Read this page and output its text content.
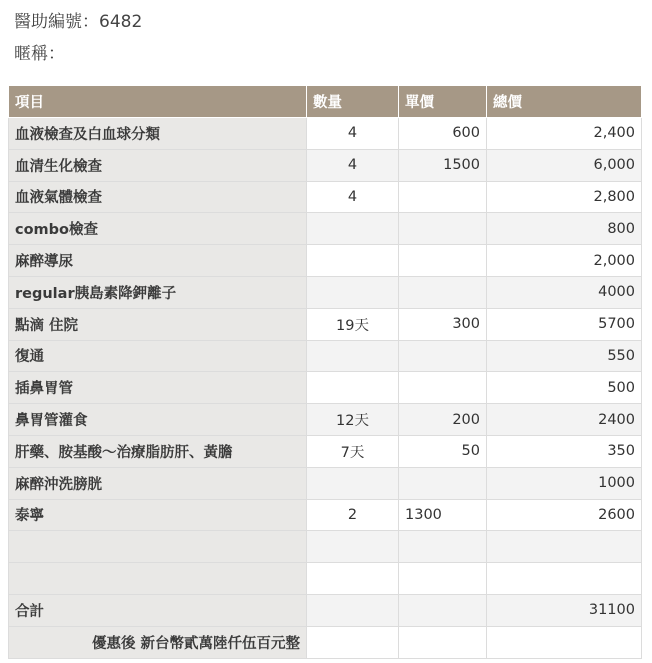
醫助編號：6482
暱稱：
項目	數量	單價	總價
血液檢查及白血球分類	4	600	2,400
血清生化檢查	4	1500	6,000
血液氣體檢查	4		2,800
combo檢查			800
麻醉導尿			2,000
regular胰島素降鉀離子			4000
點滴 住院	19天	300	5700
復通			550
插鼻胃管			500
鼻胃管灌食	12天	200	2400
肝藥、胺基酸～治療脂肪肝、黃膽	7天	50	350
麻醉沖洗膀胱			1000
泰寧	2	1300	2600

合計			31100
優惠後 新台幣貳萬陸仟伍百元整			
